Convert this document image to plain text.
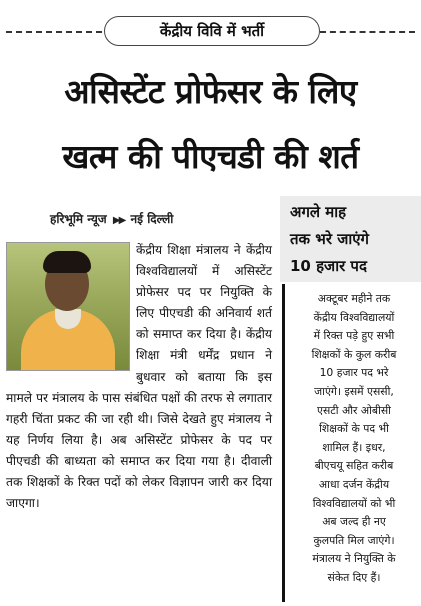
केंद्रीय विवि में भर्ती
असिस्टेंट प्रोफेसर के लिए
खत्म की पीएचडी की शर्त
हरिभूमि न्यूज ▶▶ नई दिल्ली

केंद्रीय शिक्षा मंत्रालय ने केंद्रीय विश्वविद्यालयों में असिस्टेंट प्रोफेसर पद पर नियुक्ति के लिए पीएचडी की अनिवार्य शर्त को समाप्त कर दिया है। केंद्रीय शिक्षा मंत्री धर्मेंद्र प्रधान ने बुधवार को बताया कि इस मामले पर मंत्रालय के पास संबंधित पक्षों की तरफ से लगातार गहरी चिंता प्रकट की जा रही थी। जिसे देखते हुए मंत्रालय ने यह निर्णय लिया है। अब असिस्टेंट प्रोफेसर के पद पर पीएचडी की बाध्यता को समाप्त कर दिया गया है। दीवाली तक शिक्षकों के रिक्त पदों को लेकर विज्ञापन जारी कर दिया जाएगा।

अगले माह
तक भरे जाएंगे
10 हजार पद
अक्टूबर महीने तक
केंद्रीय विश्वविद्यालयों
में रिक्त पड़े हुए सभी
शिक्षकों के कुल करीब
10 हजार पद भरे
जाएंगे। इसमें एससी,
एसटी और ओबीसी
शिक्षकों के पद भी
शामिल हैं। इधर,
बीएचयू सहित करीब
आधा दर्जन केंद्रीय
विश्वविद्यालयों को भी
अब जल्द ही नए
कुलपति मिल जाएंगे।
मंत्रालय ने नियुक्ति के
संकेत दिए हैं।
